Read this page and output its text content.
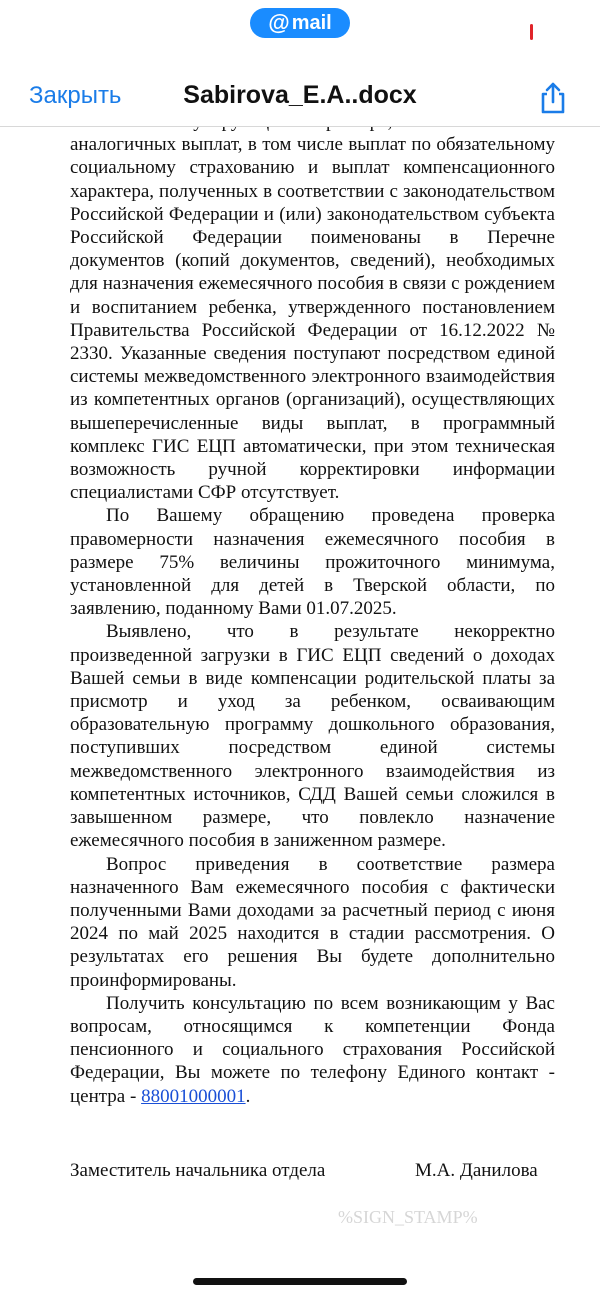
@ mail
Закрыть	Sabirova_E.A..docx

аналогичных выплат, в том числе выплат по обязательному социальному страхованию и выплат компенсационного характера, полученных в соответствии с законодательством Российской Федерации и (или) законодательством субъекта Российской Федерации поименованы в Перечне документов (копий документов, сведений), необходимых для назначения ежемесячного пособия в связи с рождением и воспитанием ребенка, утвержденного постановлением Правительства Российской Федерации от 16.12.2022 № 2330. Указанные сведения поступают посредством единой системы межведомственного электронного взаимодействия из компетентных органов (организаций), осуществляющих вышеперечисленные виды выплат, в программный комплекс ГИС ЕЦП автоматически, при этом техническая возможность ручной корректировки информации специалистами СФР отсутствует.

По Вашему обращению проведена проверка правомерности назначения ежемесячного пособия в размере 75% величины прожиточного минимума, установленной для детей в Тверской области, по заявлению, поданному Вами 01.07.2025.

Выявлено, что в результате некорректно произведенной загрузки в ГИС ЕЦП сведений о доходах Вашей семьи в виде компенсации родительской платы за присмотр и уход за ребенком, осваивающим образовательную программу дошкольного образования, поступивших посредством единой системы межведомственного электронного взаимодействия из компетентных источников, СДД Вашей семьи сложился в завышенном размере, что повлекло назначение ежемесячного пособия в заниженном размере.

Вопрос приведения в соответствие размера назначенного Вам ежемесячного пособия с фактически полученными Вами доходами за расчетный период с июня 2024 по май 2025 находится в стадии рассмотрения. О результатах его решения Вы будете дополнительно проинформированы.

Получить консультацию по всем возникающим у Вас вопросам, относящимся к компетенции Фонда пенсионного и социального страхования Российской Федерации, Вы можете по телефону Единого контакт - центра - 88001000001.

Заместитель начальника отдела	М.А. Данилова
%SIGN_STAMP%
